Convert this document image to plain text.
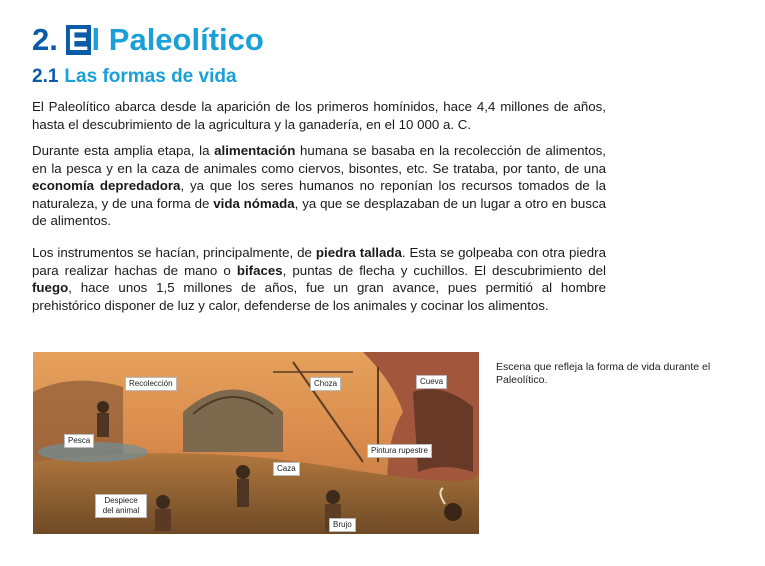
2. El Paleolítico
2.1 Las formas de vida

El Paleolítico abarca desde la aparición de los primeros homínidos, hace 4,4 millones de años, hasta el descubrimiento de la agricultura y la ganadería, en el 10 000 a. C.

Durante esta amplia etapa, la alimentación humana se basaba en la recolección de alimentos, en la pesca y en la caza de animales como ciervos, bisontes, etc. Se trataba, por tanto, de una economía depredadora, ya que los seres humanos no reponían los recursos tomados de la naturaleza, y de una forma de vida nómada, ya que se desplazaban de un lugar a otro en busca de alimentos.

Los instrumentos se hacían, principalmente, de piedra tallada. Esta se golpeaba con otra piedra para realizar hachas de mano o bifaces, puntas de flecha y cuchillos. El descubrimiento del fuego, hace unos 1,5 millones de años, fue un gran avance, pues permitió al hombre prehistórico disponer de luz y calor, defenderse de los animales y cocinar los alimentos.

Recolección	Choza	Cueva
Pesca
Pintura rupestre
Caza
Despiece del animal
Brujo
Escena que refleja la forma de vida durante el Paleolítico.
